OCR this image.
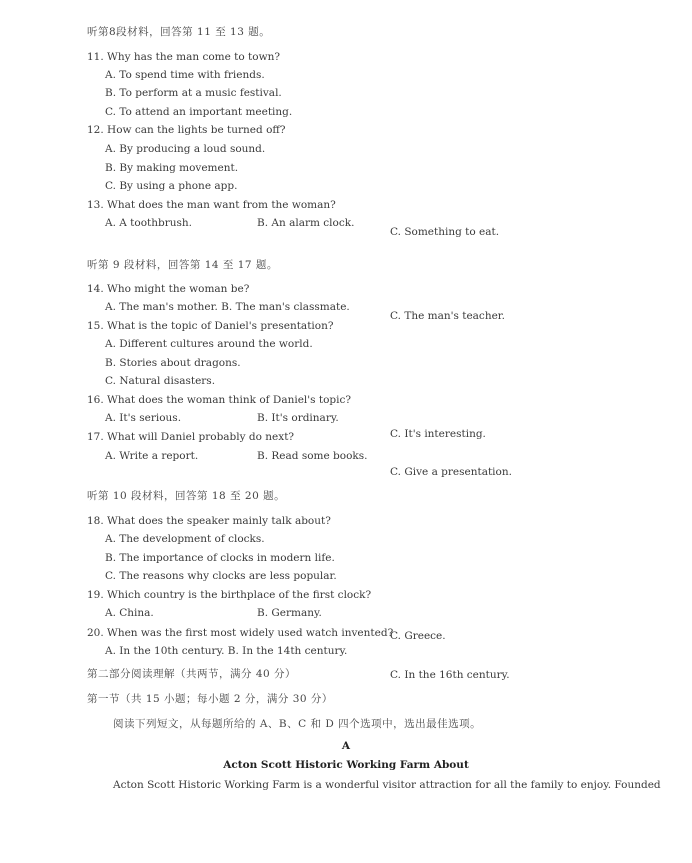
听第8段材料，回答第 11 至 13 题。
11. Why has the man come to town?
A. To spend time with friends.
B. To perform at a music festival.
C. To attend an important meeting.
12. How can the lights be turned off?
A. By producing a loud sound.
B. By making movement.
C. By using a phone app.
13. What does the man want from the woman?
A. A toothbrush.	B. An alarm clock.
C. Something to eat.
听第 9 段材料，回答第 14 至 17 题。
14. Who might the woman be?
A. The man's mother. B. The man's classmate.
C. The man's teacher.
15. What is the topic of Daniel's presentation?
A. Different cultures around the world.
B. Stories about dragons.
C. Natural disasters.
16. What does the woman think of Daniel's topic?
A. It's serious.	B. It's ordinary.
C. It's interesting.
17. What will Daniel probably do next?
A. Write a report.	B. Read some books.
C. Give a presentation.
听第 10 段材料，回答第 18 至 20 题。
18. What does the speaker mainly talk about?
A. The development of clocks.
B. The importance of clocks in modern life.
C. The reasons why clocks are less popular.
19. Which country is the birthplace of the first clock?
A. China.	B. Germany.
20. When was the first most widely used watch invented?
C. Greece.
A. In the 10th century. B. In the 14th century.
第二部分阅读理解（共两节，满分 40 分）	C. In the 16th century.
第一节（共 15 小题；每小题 2 分，满分 30 分）
阅读下列短文，从每题所给的 A、B、C 和 D 四个选项中，选出最佳选项。
A
Acton Scott Historic Working Farm About
Acton Scott Historic Working Farm is a wonderful visitor attraction for all the family to enjoy. Founded
